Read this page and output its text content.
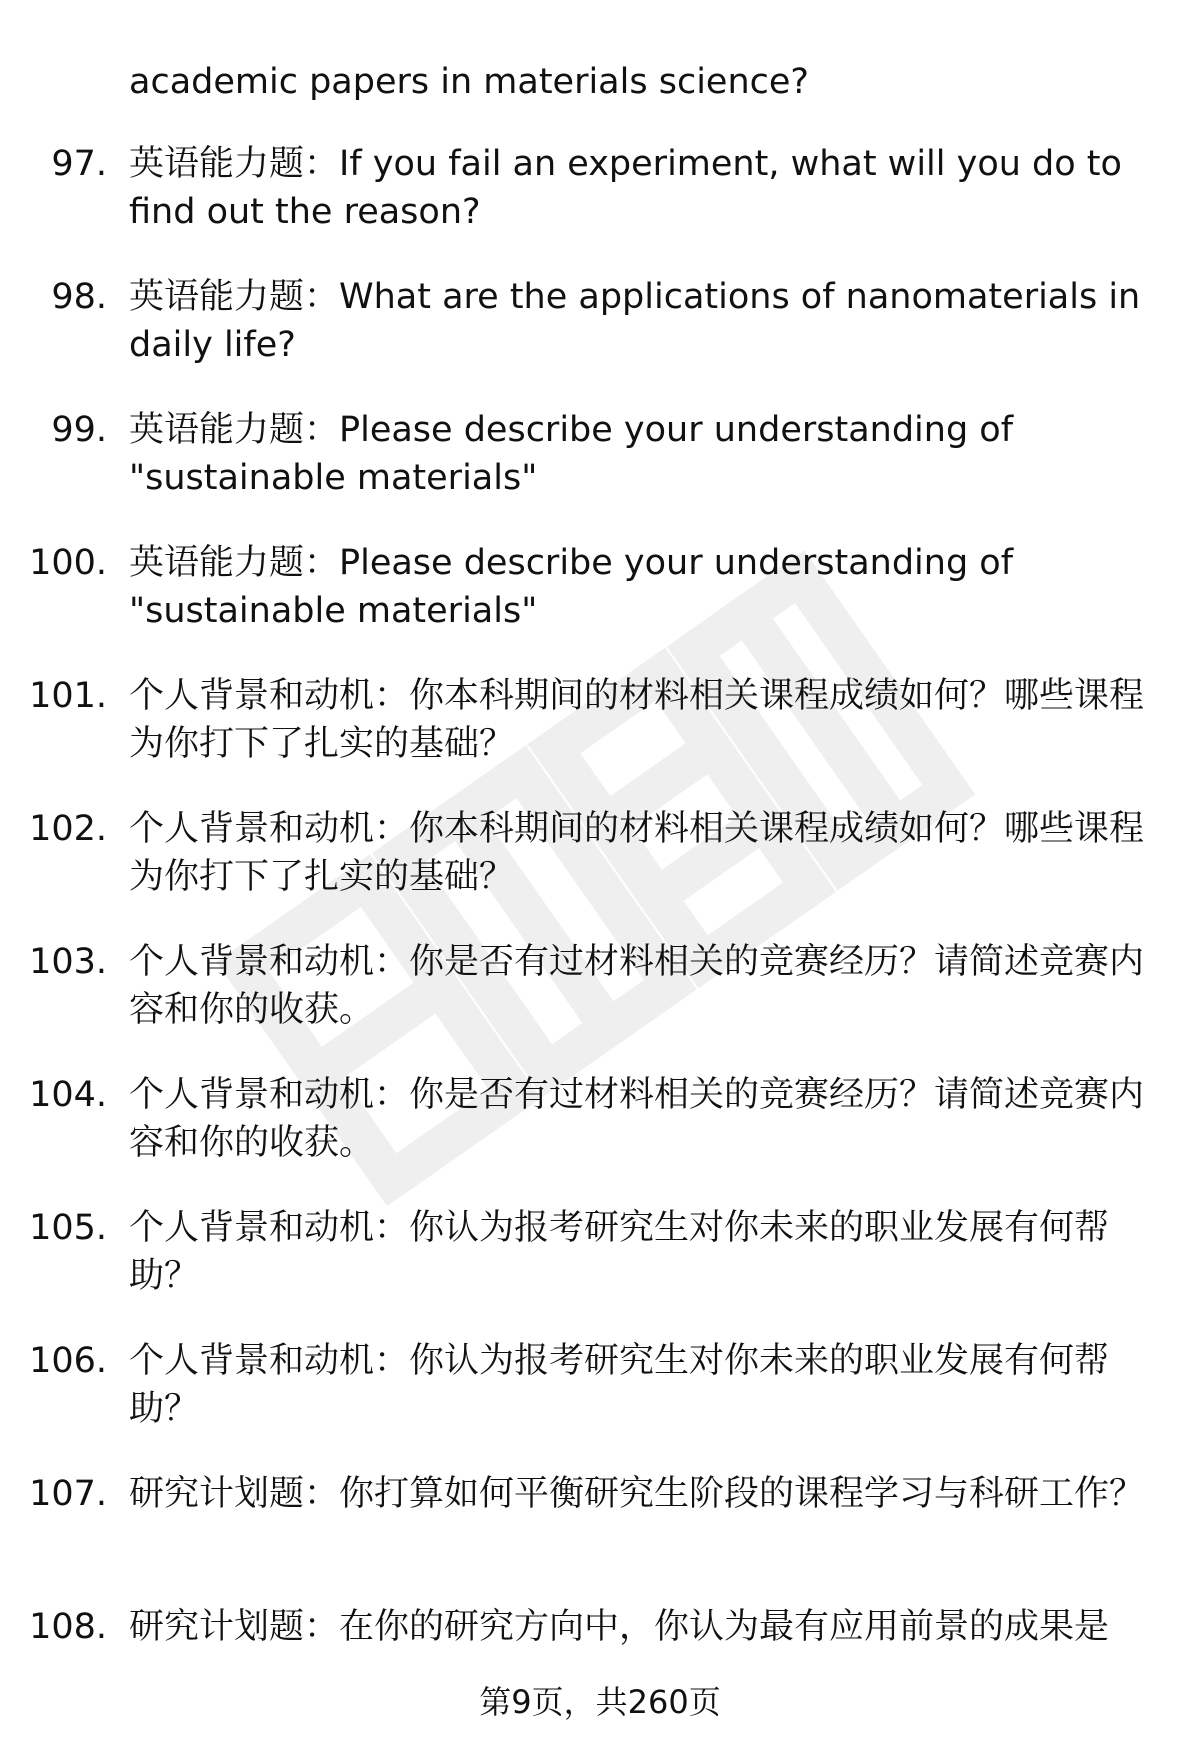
academic papers in materials science?
97. 英语能力题：If you fail an experiment, what will you do to find out the reason?
98. 英语能力题：What are the applications of nanomaterials in daily life?
99. 英语能力题：Please describe your understanding of "sustainable materials"
100. 英语能力题：Please describe your understanding of "sustainable materials"
101. 个人背景和动机：你本科期间的材料相关课程成绩如何？哪些课程为你打下了扎实的基础？
102. 个人背景和动机：你本科期间的材料相关课程成绩如何？哪些课程为你打下了扎实的基础？
103. 个人背景和动机：你是否有过材料相关的竞赛经历？请简述竞赛内容和你的收获。
104. 个人背景和动机：你是否有过材料相关的竞赛经历？请简述竞赛内容和你的收获。
105. 个人背景和动机：你认为报考研究生对你未来的职业发展有何帮助？
106. 个人背景和动机：你认为报考研究生对你未来的职业发展有何帮助？
107. 研究计划题：你打算如何平衡研究生阶段的课程学习与科研工作？
108. 研究计划题：在你的研究方向中，你认为最有应用前景的成果是
第9页，共260页
